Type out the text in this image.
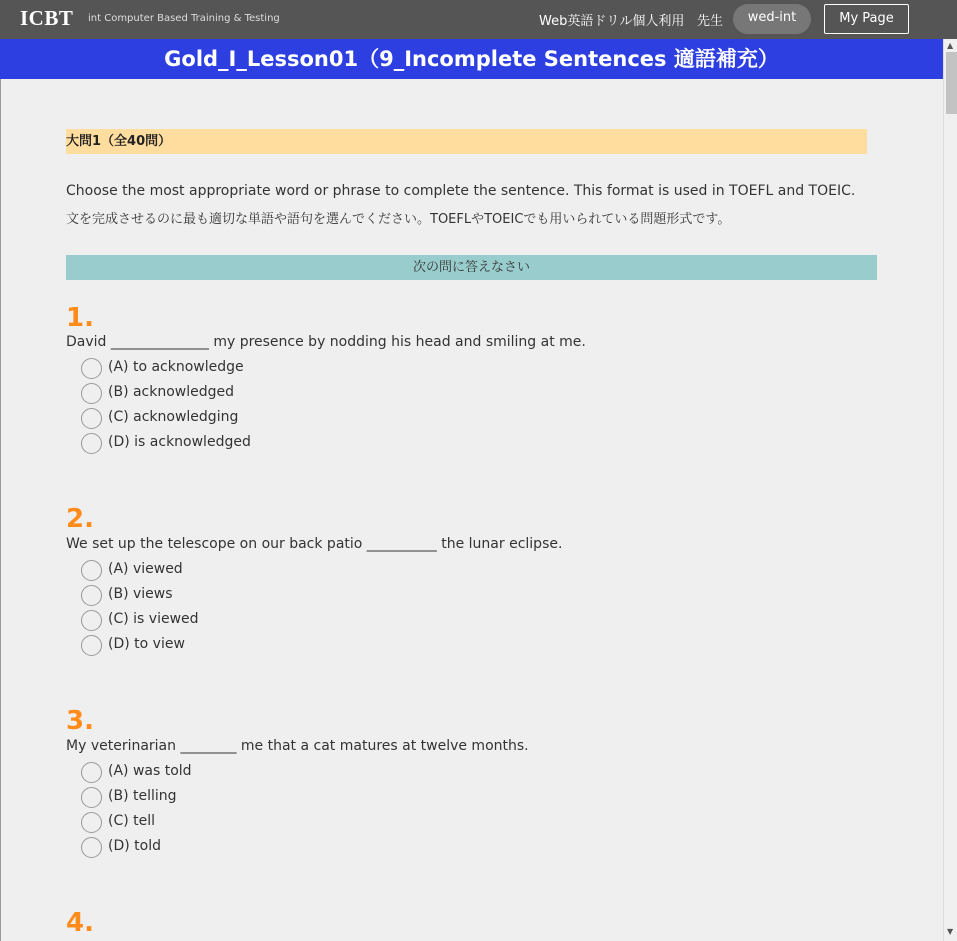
ICBT int Computer Based Training & Testing	Web英語ドリル個人利用 先生	wed-int	My Page
Gold_I_Lesson01（9_Incomplete Sentences 適語補充）
▲
▼
大問1（全40問）
Choose the most appropriate word or phrase to complete the sentence. This format is used in TOEFL and TOEIC.
文を完成させるのに最も適切な単語や語句を選んでください。TOEFLやTOEICでも用いられている問題形式です。
次の問に答えなさい
1.
David ______________ my presence by nodding his head and smiling at me.
(A) to acknowledge
(B) acknowledged
(C) acknowledging
(D) is acknowledged
2.
We set up the telescope on our back patio __________ the lunar eclipse.
(A) viewed
(B) views
(C) is viewed
(D) to view
3.
My veterinarian ________ me that a cat matures at twelve months.
(A) was told
(B) telling
(C) tell
(D) told
4.
